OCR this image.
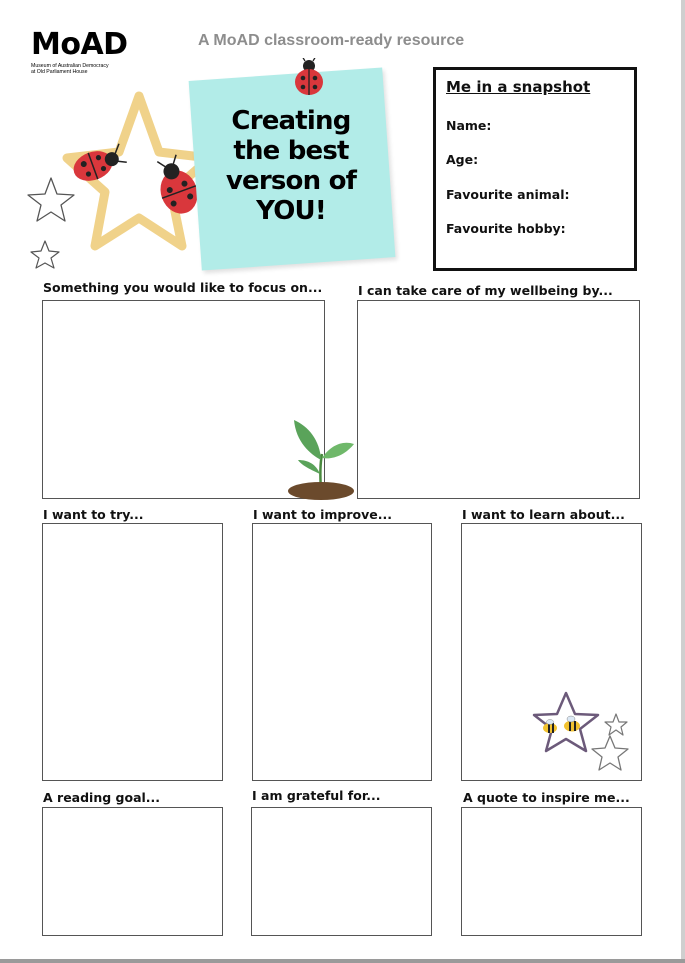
MoAD
Museum of Australian Democracy
at Old Parliament House
A MoAD classroom-ready resource
Creating
the best
verson of
YOU!
Me in a snapshot
Name:
Age:
Favourite animal:
Favourite hobby:
Something you would like to focus on...	I can take care of my wellbeing by...
I want to try...	I want to improve...	I want to learn about...
A reading goal...	I am grateful for...	A quote to inspire me...
